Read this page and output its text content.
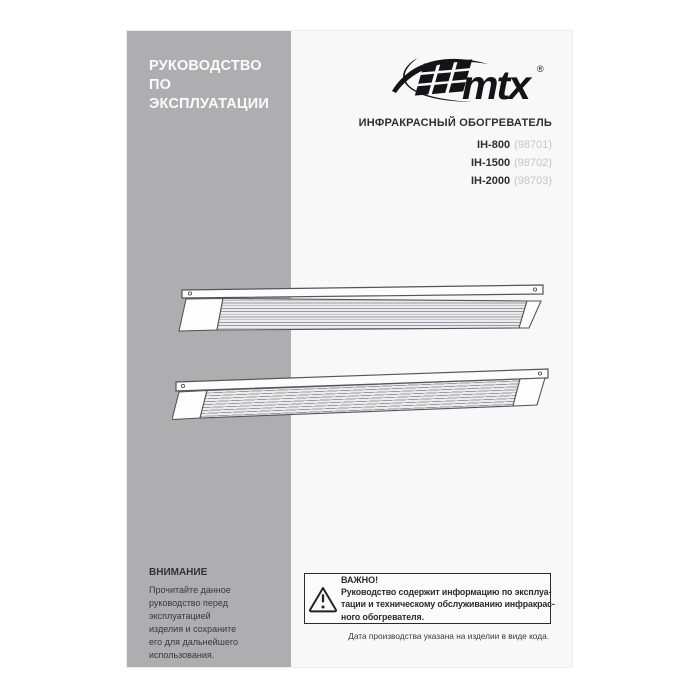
РУКОВОДСТВО
ПО ЭКСПЛУАТАЦИИ
ВНИМАНИЕ
Прочитайте данное
руководство перед
эксплуатацией
изделия и сохраните
его для дальнейшего
использования.
mtx ®
ИНФРАКРАСНЫЙ ОБОГРЕВАТЕЛЬ
IH-800 (98701)
IH-1500 (98702)
IH-2000 (98703)
ВАЖНО!
Руководство содержит информацию по эксплуа-
тации и техническому обслуживанию инфракрас-
ного обогревателя.
Дата производства указана на изделии в виде кода.
